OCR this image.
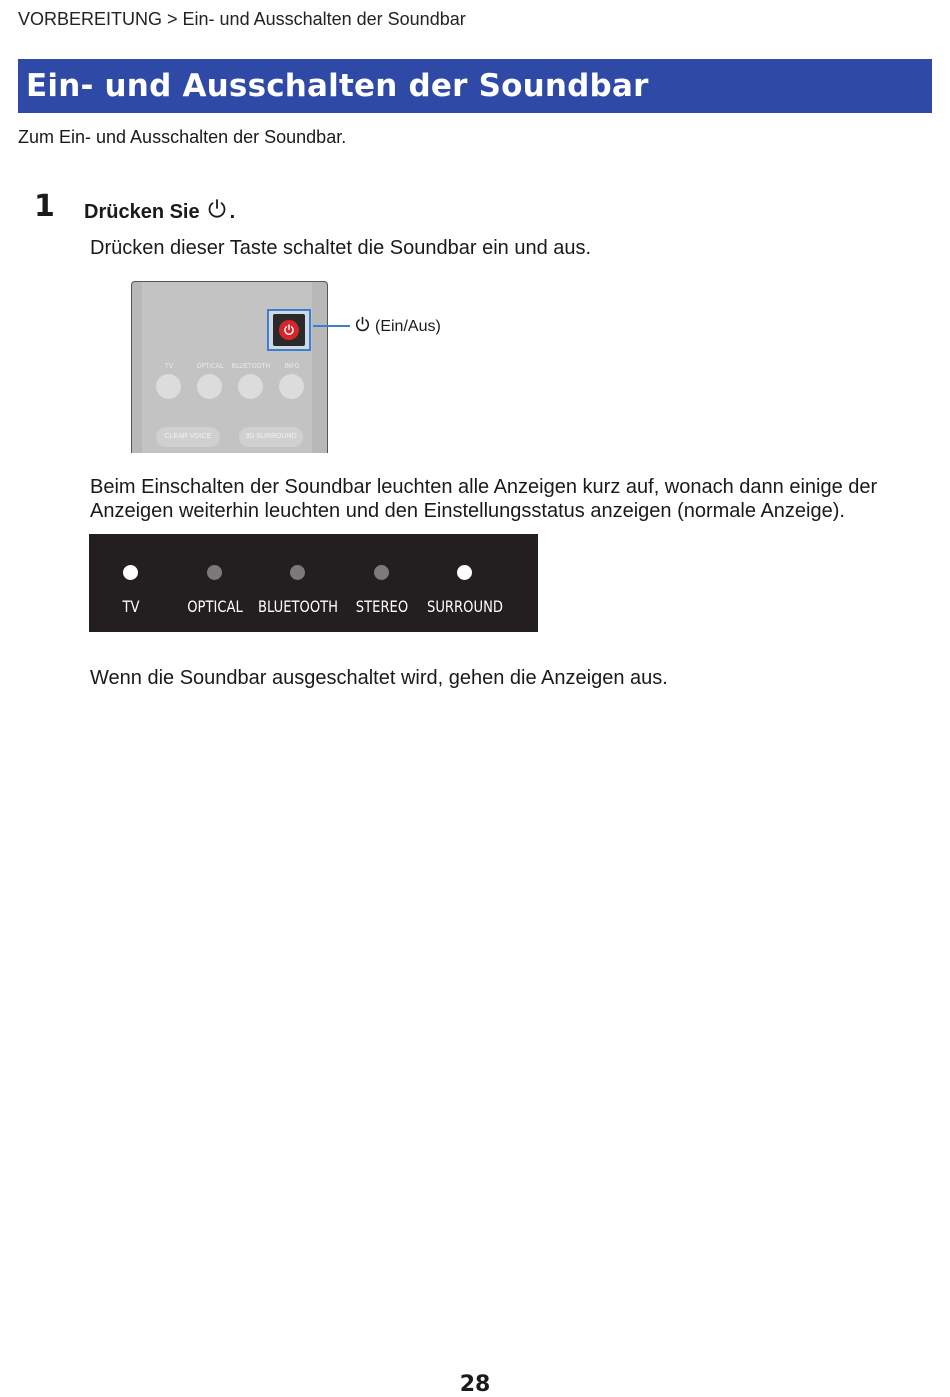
VORBEREITUNG > Ein- und Ausschalten der Soundbar
Ein- und Ausschalten der Soundbar
Zum Ein- und Ausschalten der Soundbar.
1 Drücken Sie .
Drücken dieser Taste schaltet die Soundbar ein und aus.
TV	OPTICAL BLUETOOTH INFO
CLEAR VOICE	3D SURROUND
(Ein/Aus)
Beim Einschalten der Soundbar leuchten alle Anzeigen kurz auf, wonach dann einige der Anzeigen weiterhin leuchten und den Einstellungsstatus anzeigen (normale Anzeige).
TV	OPTICAL BLUETOOTH	STEREO	SURROUND
Wenn die Soundbar ausgeschaltet wird, gehen die Anzeigen aus.
28
